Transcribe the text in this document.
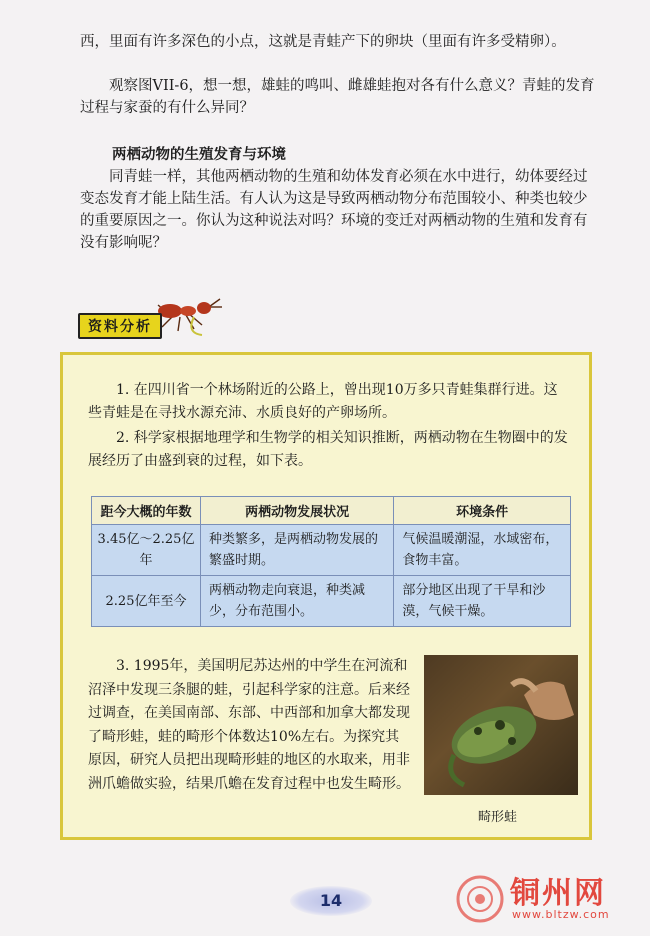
西，里面有许多深色的小点，这就是青蛙产下的卵块（里面有许多受精卵）。

观察图VII-6，想一想，雄蛙的鸣叫、雌雄蛙抱对各有什么意义？青蛙的发育过程与家蚕的有什么异同？

两栖动物的生殖发育与环境

同青蛙一样，其他两栖动物的生殖和幼体发育必须在水中进行，幼体要经过变态发育才能上陆生活。有人认为这是导致两栖动物分布范围较小、种类也较少的重要原因之一。你认为这种说法对吗？环境的变迁对两栖动物的生殖和发育有没有影响呢？

资料分析

1. 在四川省一个林场附近的公路上，曾出现10万多只青蛙集群行进。这些青蛙是在寻找水源充沛、水质良好的产卵场所。

2. 科学家根据地理学和生物学的相关知识推断，两栖动物在生物圈中的发展经历了由盛到衰的过程，如下表。

距今大概的年数	两栖动物发展状况	环境条件
3.45亿～2.25亿年	种类繁多，是两栖动物发展的繁盛时期。	气候温暖潮湿，水域密布，食物丰富。
2.25亿年至今	两栖动物走向衰退，种类减少，分布范围小。	部分地区出现了干旱和沙漠，气候干燥。

3. 1995年，美国明尼苏达州的中学生在河流和沼泽中发现三条腿的蛙，引起科学家的注意。后来经过调查，在美国南部、东部、中西部和加拿大都发现了畸形蛙，蛙的畸形个体数达10%左右。为探究其原因，研究人员把出现畸形蛙的地区的水取来，用非洲爪蟾做实验，结果爪蟾在发育过程中也发生畸形。

畸形蛙
14	铜州网
www.bltzw.com
